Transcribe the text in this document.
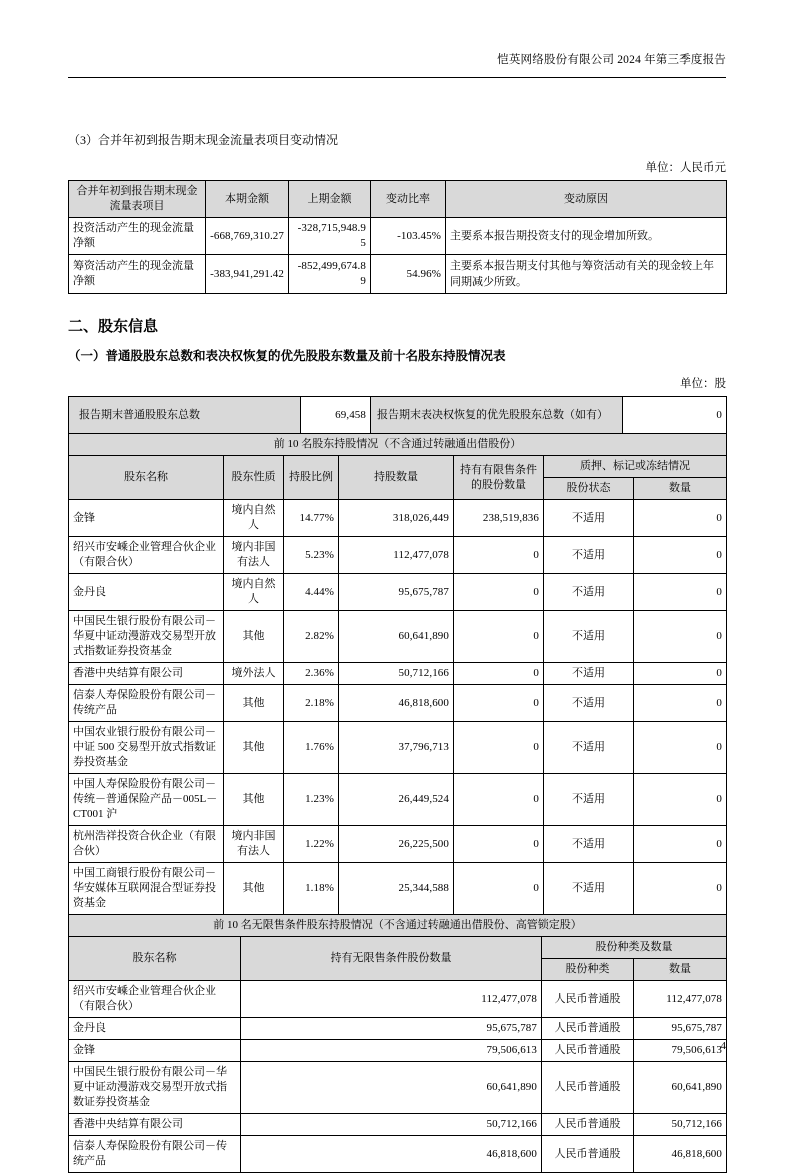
恺英网络股份有限公司 2024 年第三季度报告

（3）合并年初到报告期末现金流量表项目变动情况

单位：人民币元

合并年初到报告期末现金流量表项目	本期金额	上期金额	变动比率	变动原因
投资活动产生的现金流量净额	-668,769,310.27	-328,715,948.95	-103.45%	主要系本报告期投资支付的现金增加所致。
筹资活动产生的现金流量净额	-383,941,291.42	-852,499,674.89	54.96%	主要系本报告期支付其他与筹资活动有关的现金较上年同期减少所致。
二、股东信息
（一）普通股股东总数和表决权恢复的优先股股东数量及前十名股东持股情况表

单位：股

报告期末普通股股东总数	69,458	报告期末表决权恢复的优先股股东总数（如有）	0
前 10 名股东持股情况（不含通过转融通出借股份）						
股东名称	股东性质	持股比例	持股数量	持有有限售条件的股份数量	质押、标记或冻结情况	
					股份状态	数量
金锋	境内自然人	14.77%	318,026,449	238,519,836	不适用	0
绍兴市安嵊企业管理合伙企业（有限合伙）	境内非国有法人	5.23%	112,477,078	0	不适用	0
金丹良	境内自然人	4.44%	95,675,787	0	不适用	0
中国民生银行股份有限公司－华夏中证动漫游戏交易型开放式指数证券投资基金	其他	2.82%	60,641,890	0	不适用	0
香港中央结算有限公司	境外法人	2.36%	50,712,166	0	不适用	0
信泰人寿保险股份有限公司－传统产品	其他	2.18%	46,818,600	0	不适用	0
中国农业银行股份有限公司－中证 500 交易型开放式指数证券投资基金	其他	1.76%	37,796,713	0	不适用	0
中国人寿保险股份有限公司－传统－普通保险产品－005L－CT001 沪	其他	1.23%	26,449,524	0	不适用	0
杭州浩祥投资合伙企业（有限合伙）	境内非国有法人	1.22%	26,225,500	0	不适用	0
中国工商银行股份有限公司－华安媒体互联网混合型证券投资基金	其他	1.18%	25,344,588	0	不适用	0
前 10 名无限售条件股东持股情况（不含通过转融通出借股份、高管锁定股）			
股东名称	持有无限售条件股份数量	股份种类及数量	
		股份种类	数量
绍兴市安嵊企业管理合伙企业（有限合伙）	112,477,078	人民币普通股	112,477,078
金丹良	95,675,787	人民币普通股	95,675,787
金锋	79,506,613	人民币普通股	79,506,613
中国民生银行股份有限公司－华夏中证动漫游戏交易型开放式指数证券投资基金	60,641,890	人民币普通股	60,641,890
香港中央结算有限公司	50,712,166	人民币普通股	50,712,166
信泰人寿保险股份有限公司－传统产品	46,818,600	人民币普通股	46,818,600
4
